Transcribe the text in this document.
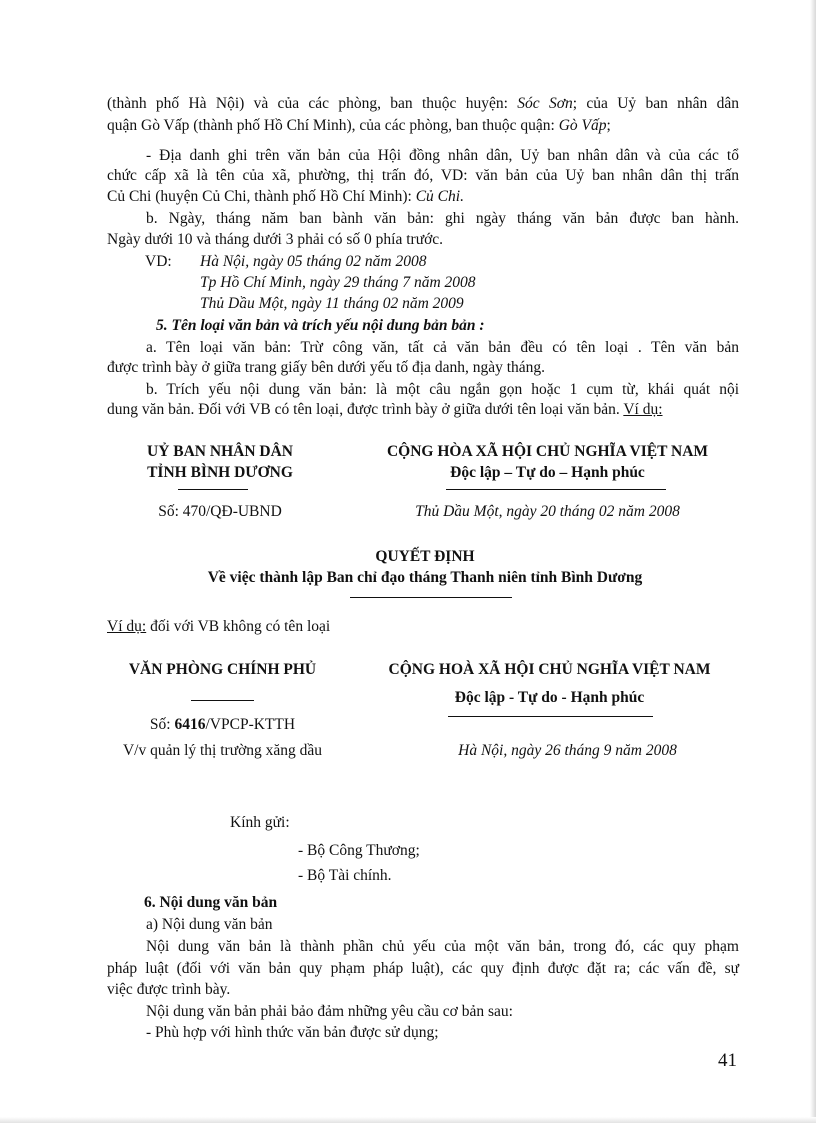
(thành phố Hà Nội) và của các phòng, ban thuộc huyện: Sóc Sơn; của Uỷ ban nhân dân
quận Gò Vấp (thành phố Hồ Chí Minh), của các phòng, ban thuộc quận: Gò Vấp;
- Địa danh ghi trên văn bản của Hội đồng nhân dân, Uỷ ban nhân dân và của các tổ
chức cấp xã là tên của xã, phường, thị trấn đó, VD: văn bản của Uỷ ban nhân dân thị trấn
Củ Chi (huyện Củ Chi, thành phố Hồ Chí Minh): Củ Chi.
b. Ngày, tháng năm ban bành văn bản: ghi ngày tháng văn bản được ban hành.
Ngày dưới 10 và tháng dưới 3 phải có số 0 phía trước.
VD: Hà Nội, ngày 05 tháng 02 năm 2008
Tp Hồ Chí Minh, ngày 29 tháng 7 năm 2008
Thủ Dầu Một, ngày 11 tháng 02 năm 2009
5. Tên loại văn bản và trích yếu nội dung bản bản :
a. Tên loại văn bản: Trừ công văn, tất cả văn bản đều có tên loại . Tên văn bản
được trình bày ở giữa trang giấy bên dưới yếu tố địa danh, ngày tháng.
b. Trích yếu nội dung văn bản: là một câu ngắn gọn hoặc 1 cụm từ, khái quát nội
dung văn bản. Đối với VB có tên loại, được trình bày ở giữa dưới tên loại văn bản. Ví dụ:
UỶ BAN NHÂN DÂN
TỈNH BÌNH DƯƠNG
CỘNG HÒA XÃ HỘI CHỦ NGHĨA VIỆT NAM
Độc lập – Tự do – Hạnh phúc
Số: 470/QĐ-UBND	Thủ Dầu Một, ngày 20 tháng 02 năm 2008
QUYẾT ĐỊNH
Về việc thành lập Ban chỉ đạo tháng Thanh niên tỉnh Bình Dương
Ví dụ: đối với VB không có tên loại
VĂN PHÒNG CHÍNH PHỦ	CỘNG HOÀ XÃ HỘI CHỦ NGHĨA VIỆT NAM
Độc lập - Tự do - Hạnh phúc
Số: 6416/VPCP-KTTH
V/v quản lý thị trường xăng dầu	Hà Nội, ngày 26 tháng 9 năm 2008
Kính gửi:
- Bộ Công Thương;
- Bộ Tài chính.
6. Nội dung văn bản
a) Nội dung văn bản
Nội dung văn bản là thành phần chủ yếu của một văn bản, trong đó, các quy phạm
pháp luật (đối với văn bản quy phạm pháp luật), các quy định được đặt ra; các vấn đề, sự
việc được trình bày.
Nội dung văn bản phải bảo đảm những yêu cầu cơ bản sau:
- Phù hợp với hình thức văn bản được sử dụng;
41
